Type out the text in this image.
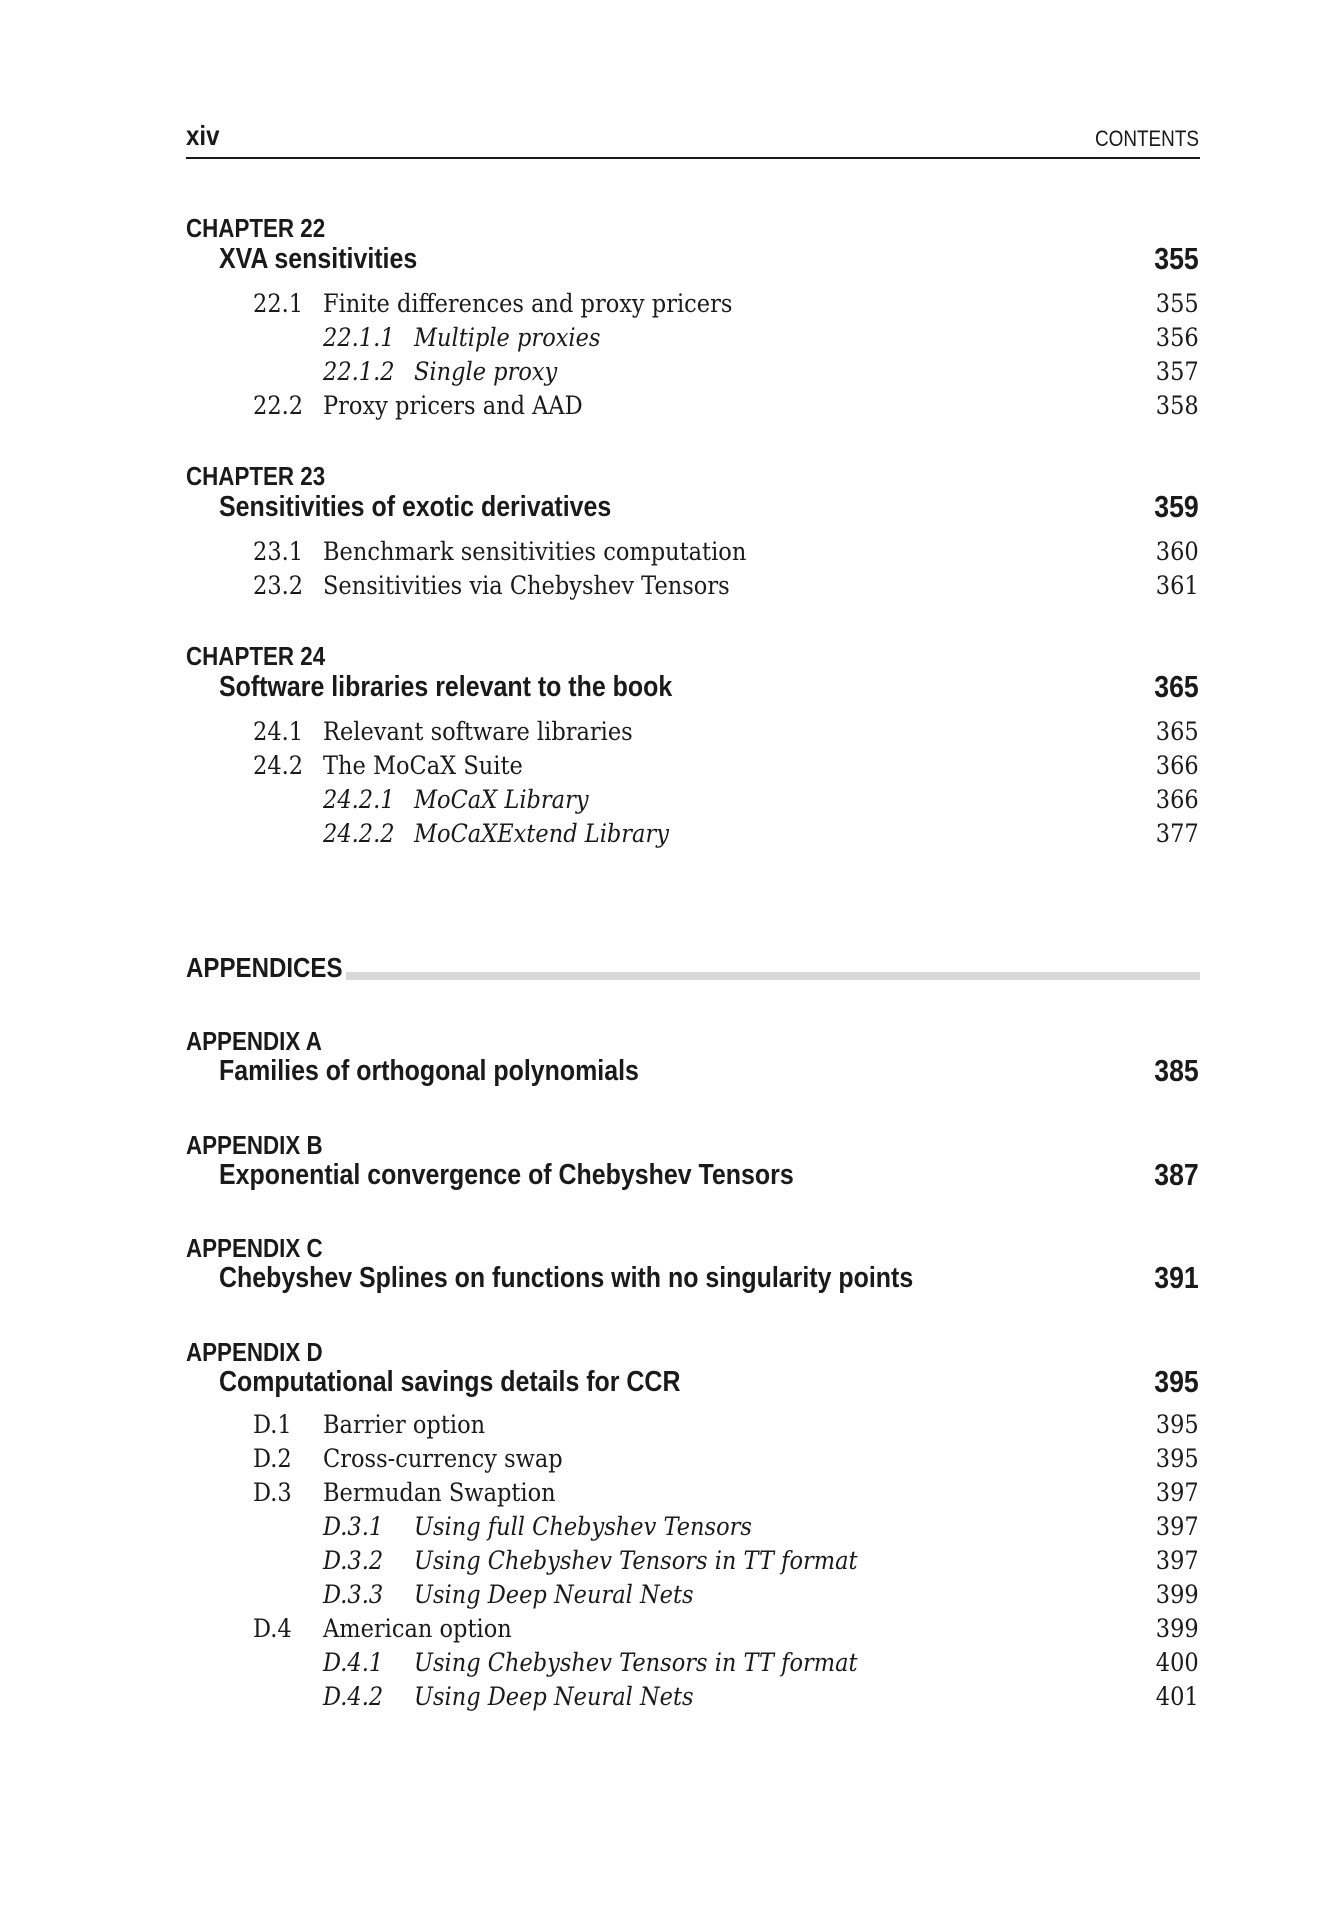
xiv	CONTENTS
CHAPTER 22
XVA sensitivities	355
22.1 Finite differences and proxy pricers	355
22.1.1 Multiple proxies	356
22.1.2 Single proxy	357
22.2 Proxy pricers and AAD	358
CHAPTER 23
Sensitivities of exotic derivatives	359
23.1 Benchmark sensitivities computation	360
23.2 Sensitivities via Chebyshev Tensors	361
CHAPTER 24
Software libraries relevant to the book	365
24.1 Relevant software libraries	365
24.2 The MoCaX Suite	366
24.2.1 MoCaX Library	366
24.2.2 MoCaXExtend Library	377
APPENDICES
APPENDIX A
Families of orthogonal polynomials	385
APPENDIX B
Exponential convergence of Chebyshev Tensors	387
APPENDIX C
Chebyshev Splines on functions with no singularity points	391
APPENDIX D
Computational savings details for CCR	395
D.1 Barrier option	395
D.2 Cross-currency swap	395
D.3 Bermudan Swaption	397
D.3.1 Using full Chebyshev Tensors	397
D.3.2 Using Chebyshev Tensors in TT format	397
D.3.3 Using Deep Neural Nets	399
D.4 American option	399
D.4.1 Using Chebyshev Tensors in TT format	400
D.4.2 Using Deep Neural Nets	401
